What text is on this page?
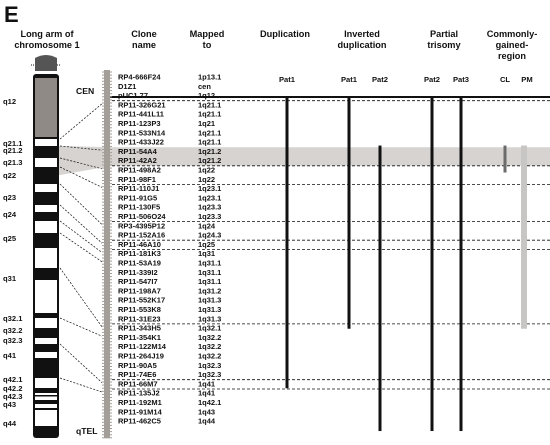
E
Long arm of
chromosome 1
Clone
name
Mapped
to
Duplication	Inverted
duplication
Partial
trisomy
Commonly-
gained-
region
Pat1	Pat1 Pat2	Pat2 Pat3	CL PM
CEN
qTEL
q12
q21.1
q21.2
q21.3
q22
q23
q24
q25
q31
q32.1
q32.2
q32.3
q41
q42.1
q42.2
q42.3
q43
q44
RP4-666F24	1p13.1
D1Z1	cen
pUC1.77	1q12
RP11-326G21	1q21.1
RP11-441L11	1q21.1
RP11-123P3	1q21
RP11-533N14	1q21.1
RP11-433J22	1q21.1
RP11-54A4	1q21.2
RP11-42A2	1q21.2
RP11-498A2	1q22
RP11-98F1	1q22
RP11-110J1	1q23.1
RP11-91G5	1q23.1
RP11-130F5	1q23.3
RP11-506O24	1q23.3
RP3-4395P12	1q24
RP11-152A16	1q24.3
RP11-46A10	1q25
RP11-181K3	1q31
RP11-53A19	1q31.1
RP11-339I2	1q31.1
RP11-547I7	1q31.1
RP11-198A7	1q31.2
RP11-552K17	1q31.3
RP11-553K8	1q31.3
RP11-31E23	1q31.3
RP11-343H5	1q32.1
RP11-354K1	1q32.2
RP11-122M14	1q32.2
RP11-264J19	1q32.2
RP11-90A5	1q32.3
RP11-74E6	1q32.3
RP11-66M7	1q41
RP11-135J2	1q41
RP11-192M1	1q42.1
RP11-91M14	1q43
RP11-462C5	1q44
